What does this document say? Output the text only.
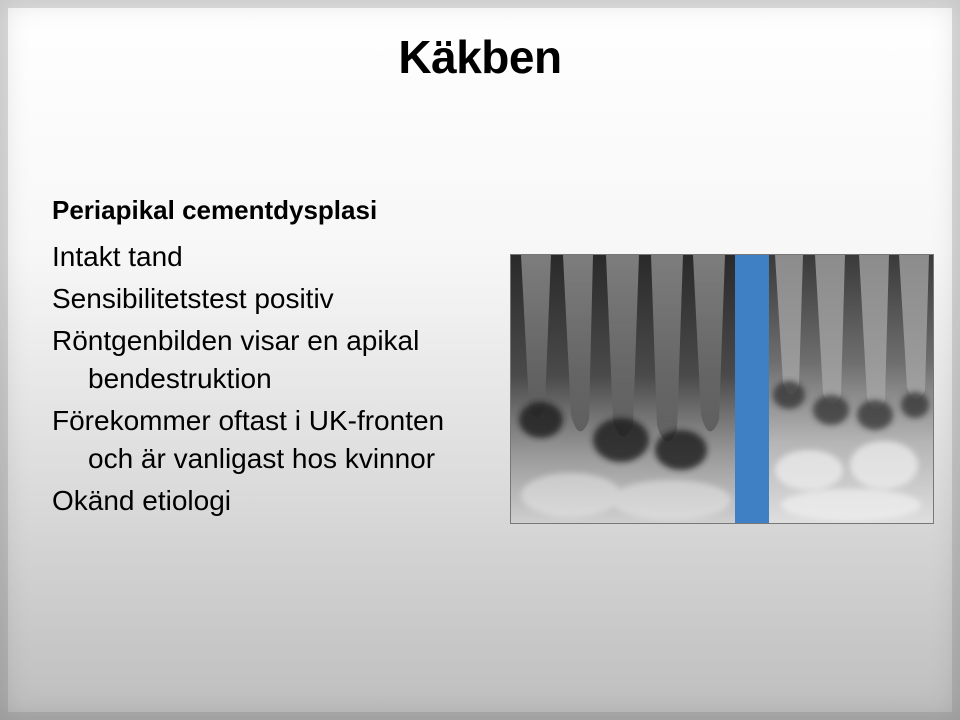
Käkben

Periapikal cementdysplasi

Intakt tand

Sensibilitetstest positiv

Röntgenbilden visar en apikal

bendestruktion

Förekommer oftast i UK-fronten

och är vanligast hos kvinnor

Okänd etiologi
